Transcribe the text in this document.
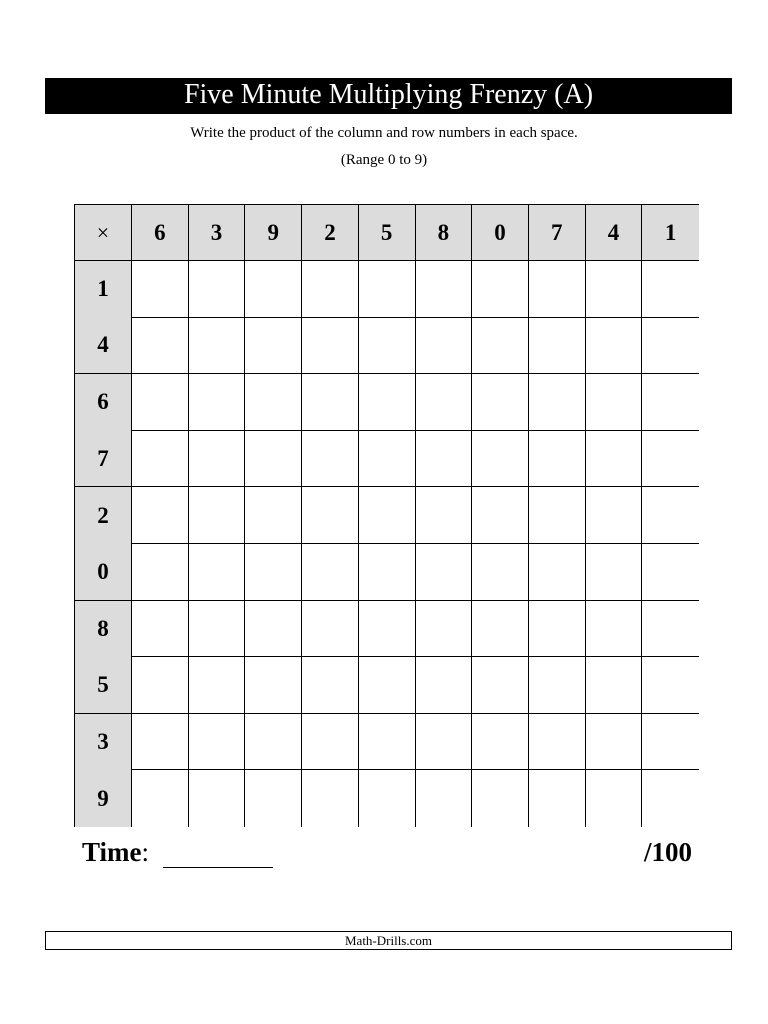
Five Minute Multiplying Frenzy (A)
Write the product of the column and row numbers in each space.
(Range 0 to 9)
×	6	3	9	2	5	8	0	7	4	1
1
4
6
7
2
0
8
5
3
9
Time:	/100
Math-Drills.com
